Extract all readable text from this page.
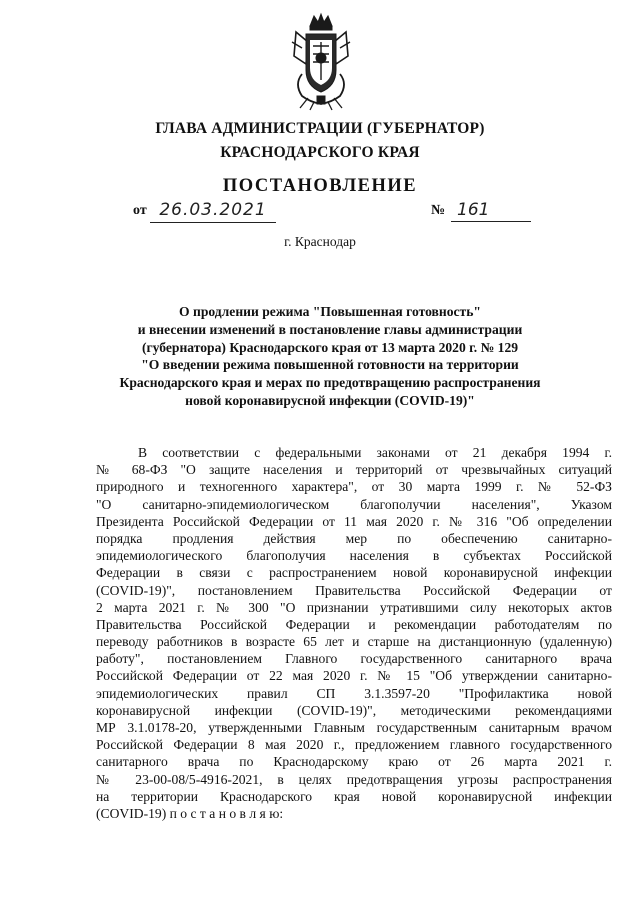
ГЛАВА АДМИНИСТРАЦИИ (ГУБЕРНАТОР)
КРАСНОДАРСКОГО КРАЯ
ПОСТАНОВЛЕНИЕ
от 26.03.2021	№ 161
г. Краснодар
О продлении режима "Повышенная готовность"
и внесении изменений в постановление главы администрации
(губернатора) Краснодарского края от 13 марта 2020 г. № 129
"О введении режима повышенной готовности на территории
Краснодарского края и мерах по предотвращению распространения
новой коронавирусной инфекции (COVID-19)"
В соответствии с федеральными законами от 21 декабря 1994 г.
№ 68-ФЗ "О защите населения и территорий от чрезвычайных ситуаций
природного и техногенного характера", от 30 марта 1999 г. № 52-ФЗ
"О санитарно-эпидемиологическом благополучии населения", Указом
Президента Российской Федерации от 11 мая 2020 г. № 316 "Об определении
порядка продления действия мер по обеспечению санитарно-
эпидемиологического благополучия населения в субъектах Российской
Федерации в связи с распространением новой коронавирусной инфекции
(COVID-19)", постановлением Правительства Российской Федерации от
2 марта 2021 г. № 300 "О признании утратившими силу некоторых актов
Правительства Российской Федерации и рекомендации работодателям по
переводу работников в возрасте 65 лет и старше на дистанционную (удаленную)
работу", постановлением Главного государственного санитарного врача
Российской Федерации от 22 мая 2020 г. № 15 "Об утверждении санитарно-
эпидемиологических правил СП 3.1.3597-20 "Профилактика новой
коронавирусной инфекции (COVID-19)", методическими рекомендациями
МР 3.1.0178-20, утвержденными Главным государственным санитарным врачом
Российской Федерации 8 мая 2020 г., предложением главного государственного
санитарного врача по Краснодарскому краю от 26 марта 2021 г.
№ 23-00-08/5-4916-2021, в целях предотвращения угрозы распространения
на территории Краснодарского края новой коронавирусной инфекции
(COVID-19) п о с т а н о в л я ю:
